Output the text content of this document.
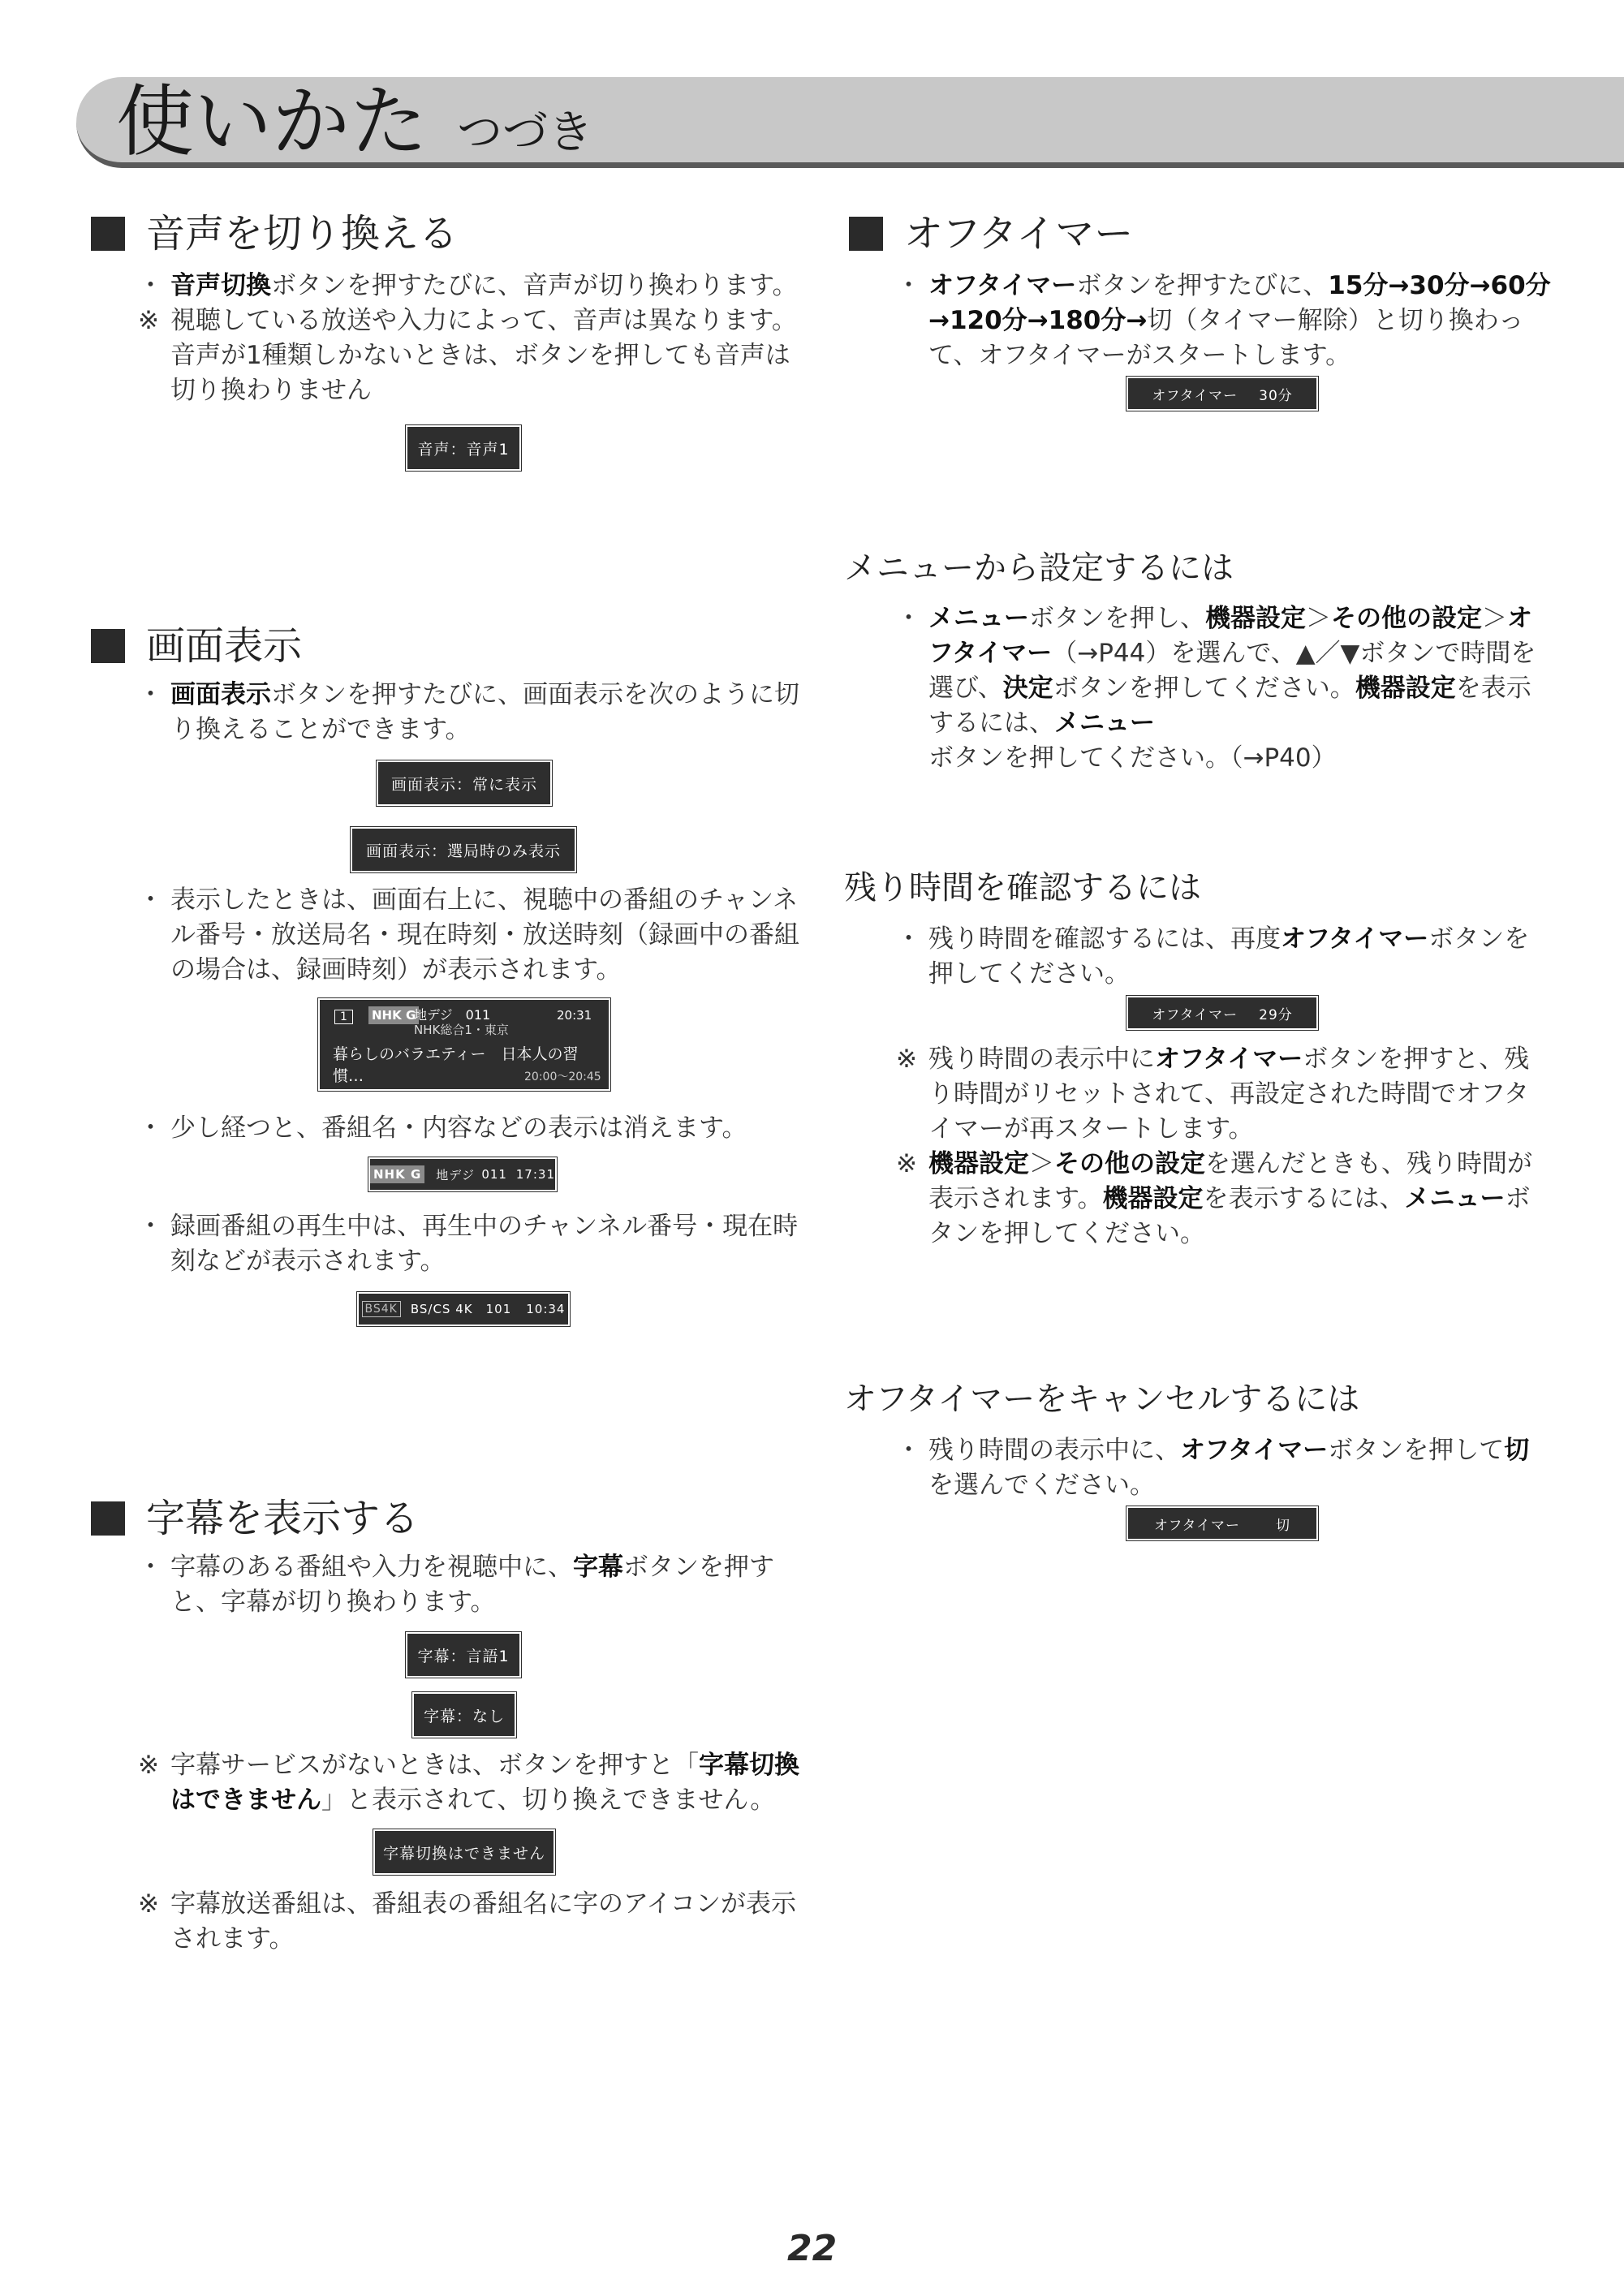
使いかた つづき
音声を切り換える
・ 音声切換ボタンを押すたびに、音声が切り換わります。
※ 視聴している放送や入力によって、音声は異なります。音声が1種類しかないときは、ボタンを押しても音声は切り換わりません
音声：音声1
画面表示
・ 画面表示ボタンを押すたびに、画面表示を次のように切り換えることができます。
画面表示：常に表示
画面表示：選局時のみ表示
・ 表示したときは、画面右上に、視聴中の番組のチャンネル番号・放送局名・現在時刻・放送時刻（録画中の番組の場合は、録画時刻）が表示されます。
1	NHK G
地デジ　011
NHK総合1・東京
20:31
暮らしのバラエティー　日本人の習慣…	20:00～20:45
・ 少し経つと、番組名・内容などの表示は消えます。
NHK G 地デジ 011 17:31
・ 録画番組の再生中は、再生中のチャンネル番号・現在時刻などが表示されます。
BS4K BS/CS 4K 101 10:34
字幕を表示する
・ 字幕のある番組や入力を視聴中に、字幕ボタンを押すと、字幕が切り換わります。
字幕：言語1
字幕：なし
※ 字幕サービスがないときは、ボタンを押すと「字幕切換はできません」と表示されて、切り換えできません。
字幕切換はできません
※ 字幕放送番組は、番組表の番組名に字のアイコンが表示されます。
オフタイマー
・ オフタイマーボタンを押すたびに、15分→30分→60分→120分→180分→切（タイマー解除）と切り換わって、オフタイマーがスタートします。
オフタイマー 30分
メニューから設定するには
・ メニューボタンを押し、機器設定＞その他の設定＞オフタイマー（→P44）を選んで、▲／▼ボタンで時間を選び、決定ボタンを押してください。機器設定を表示するには、メニューボタンを押してください。（→P40）
残り時間を確認するには
・ 残り時間を確認するには、再度オフタイマーボタンを押してください。
オフタイマー 29分
※ 残り時間の表示中にオフタイマーボタンを押すと、残り時間がリセットされて、再設定された時間でオフタイマーが再スタートします。
※ 機器設定＞その他の設定を選んだときも、残り時間が表示されます。機器設定を表示するには、メニューボタンを押してください。
オフタイマーをキャンセルするには
・ 残り時間の表示中に、オフタイマーボタンを押して切を選んでください。
オフタイマー	切
22
